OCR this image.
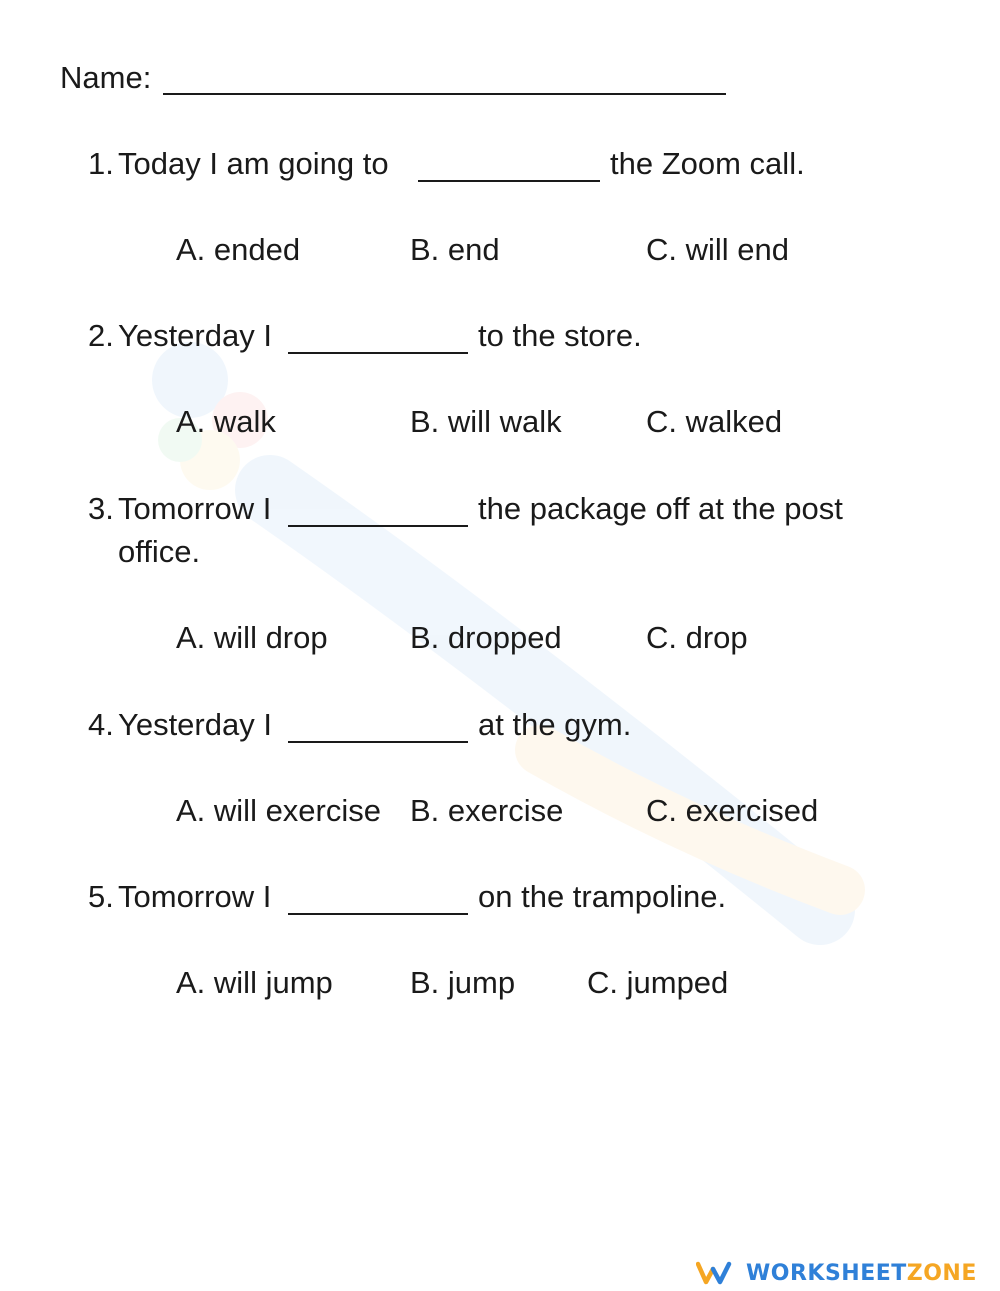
Name:
1. Today I am going to	the Zoom call.
A. ended	B. end	C. will end
2. Yesterday I	to the store.
A. walk	B. will walk	C. walked
3. Tomorrow I	the package off at the post
office.
A. will drop	B. dropped	C. drop
4. Yesterday I	at the gym.
A. will exercise B. exercise	C. exercised
5. Tomorrow I	on the trampoline.
A. will jump B. jump C. jumped
WORKSHEETZONE
